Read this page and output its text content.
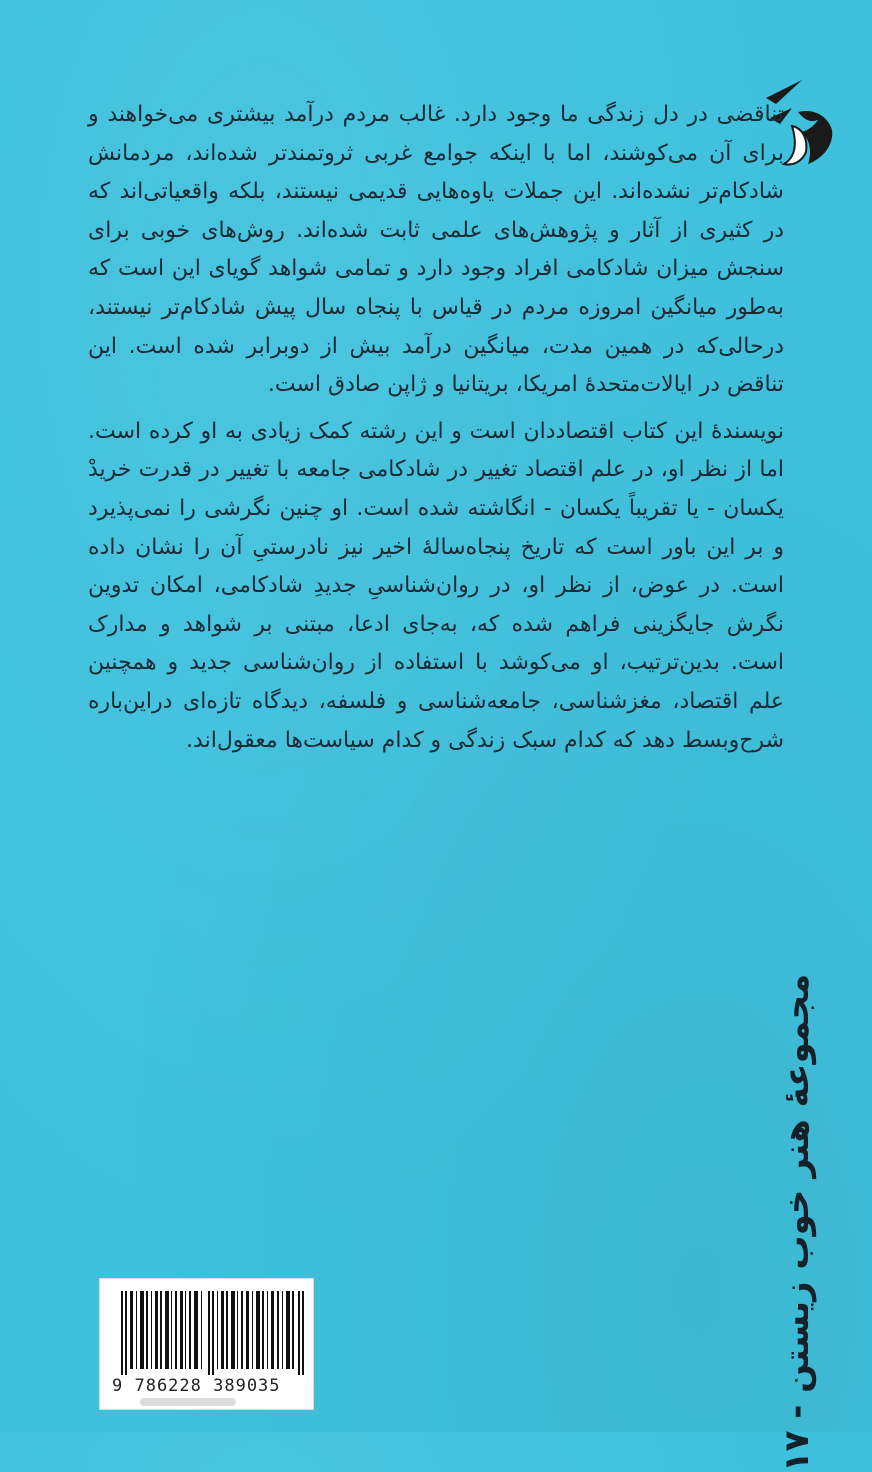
تناقضی در دل زندگی ما وجود دارد. غالب مردم درآمد بیشتری می‌خواهند و برای آن می‌کوشند، اما با اینکه جوامع غربی ثروتمندتر شده‌اند، مردمانش شادکام‌تر نشده‌اند. این جملات یاوه‌هایی قدیمی نیستند، بلکه واقعیاتی‌اند که در کثیری از آثار و پژوهش‌های علمی ثابت شده‌اند. روش‌های خوبی برای سنجش میزان شادکامی افراد وجود دارد و تمامی شواهد گویای این است که به‌طور میانگین امروزه مردم در قیاس با پنجاه سال پیش شادکام‌تر نیستند، درحالی‌که در همین مدت، میانگین درآمد بیش از دوبرابر شده است. این تناقض در ایالات‌متحدهٔ امریکا، بریتانیا و ژاپن صادق است.

نویسندهٔ این کتاب اقتصاددان است و این رشته کمک زیادی به او کرده است. اما از نظر او، در علم اقتصاد تغییر در شادکامی جامعه با تغییر در قدرت خریدْ یکسان - یا تقریباً یکسان - انگاشته شده است. او چنین نگرشی را نمی‌پذیرد و بر این باور است که تاریخ پنجاه‌سالهٔ اخیر نیز نادرستیِ آن را نشان داده است. در عوض، از نظر او، در روان‌شناسیِ جدیدِ شادکامی، امکان تدوین نگرش جایگزینی فراهم شده که، به‌جای ادعا، مبتنی بر شواهد و مدارک است. بدین‌ترتیب، او می‌کوشد با استفاده از روان‌شناسی جدید و همچنین علم اقتصاد، مغزشناسی، جامعه‌شناسی و فلسفه، دیدگاه تازه‌ای دراین‌باره شرح‌وبسط دهد که کدام سبک زندگی و کدام سیاست‌ها معقول‌اند.

مجموعهٔ هنر خوب زیستن - ۱۷
9 786228 389035
